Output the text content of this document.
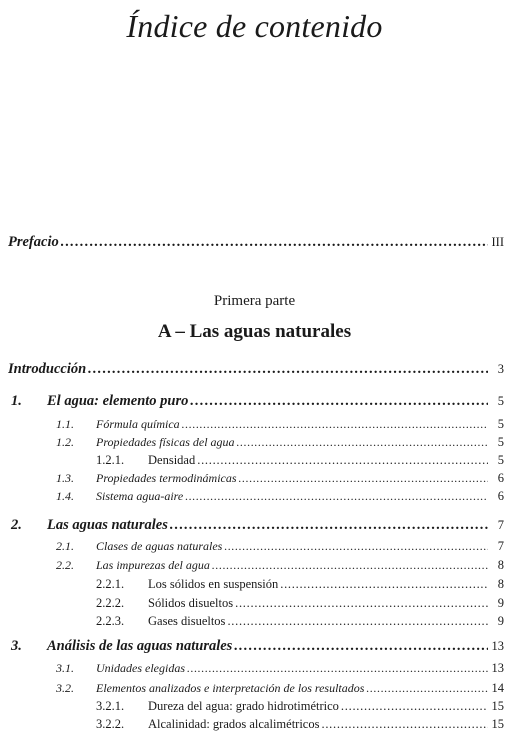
Índice de contenido
Prefacio . . .	III
Primera parte
A – Las aguas naturales
Introducción . . .	3
1.	El agua: elemento puro . . .	5
1.1.	Fórmula química . . .	5
1.2.	Propiedades físicas del agua . . .	5
1.2.1.	Densidad . . .	5
1.3.	Propiedades termodinámicas . . .	6
1.4.	Sistema agua-aire . . .	6
2.	Las aguas naturales . . .	7
2.1.	Clases de aguas naturales . . .	7
2.2.	Las impurezas del agua . . .	8
2.2.1.	Los sólidos en suspensión . . .	8
2.2.2.	Sólidos disueltos . . .	9
2.2.3.	Gases disueltos . . .	9
3.	Análisis de las aguas naturales . . .	13
3.1.	Unidades elegidas . . .	13
3.2.	Elementos analizados e interpretación de los resultados . . .	14
3.2.1.	Dureza del agua: grado hidrotimétrico . . .	15
3.2.2.	Alcalinidad: grados alcalimétricos . . .	15
